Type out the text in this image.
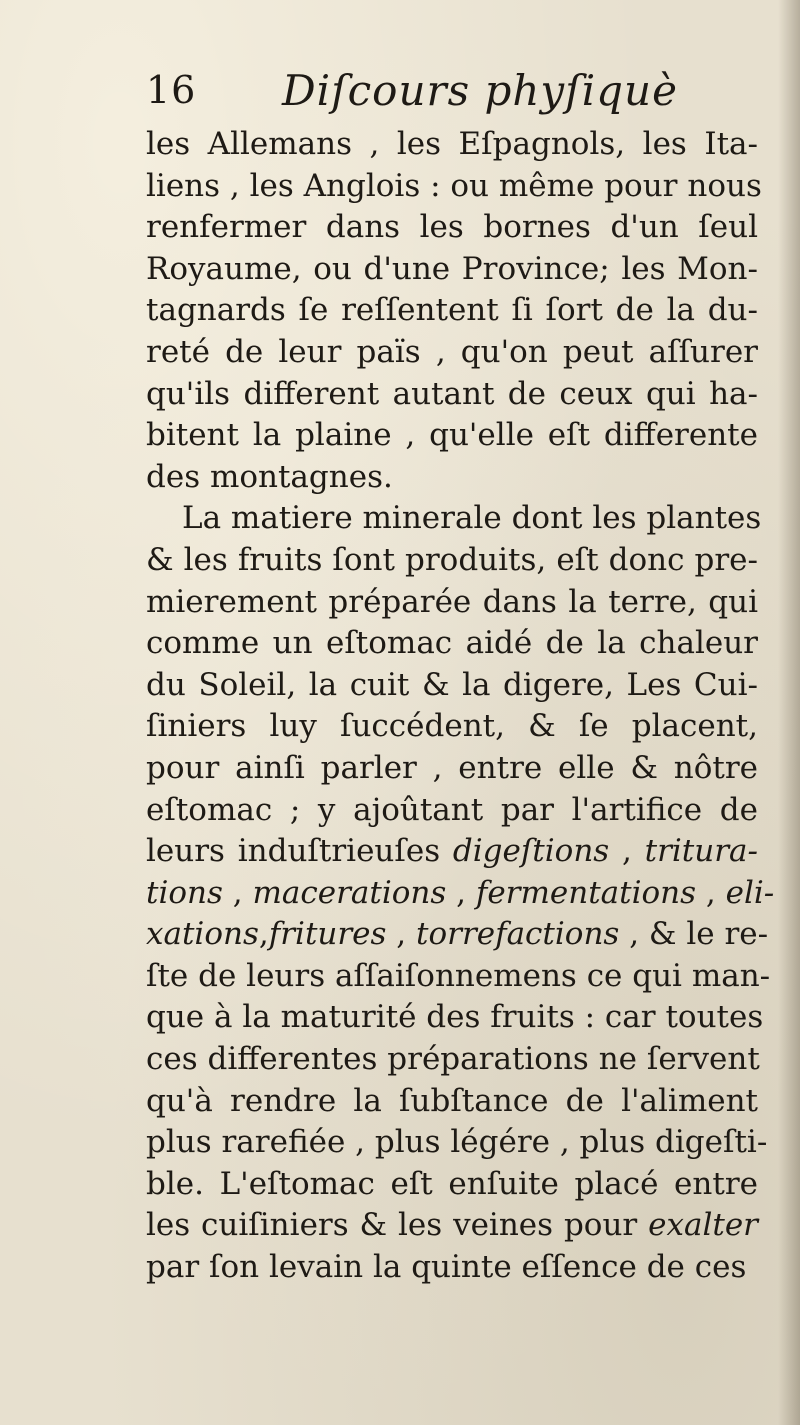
16 Diſcours phyſiquè
les Allemans , les Eſpagnols, les Ita-
liens , les Anglois : ou même pour nous
renfermer dans les bornes d'un ſeul
Royaume, ou d'une Province; les Mon-
tagnards ſe reſſentent ſi ſort de la du-
reté de leur païs , qu'on peut aſſurer
qu'ils different autant de ceux qui ha-
bitent la plaine , qu'elle eſt differente
des montagnes.
La matiere minerale dont les plantes
& les fruits ſont produits, eſt donc pre-
mierement préparée dans la terre, qui
comme un eſtomac aidé de la chaleur
du Soleil, la cuit & la digere, Les Cui-
ſiniers luy ſuccédent, & ſe placent,
pour ainſi parler , entre elle & nôtre
eſtomac ; y ajoûtant par l'artifice de
leurs induſtrieuſes digeſtions , tritura-
tions , macerations , fermentations , eli-
xations,fritures , torrefactions , & le re-
ſte de leurs aſſaiſonnemens ce qui man-
que à la maturité des fruits : car toutes
ces differentes préparations ne ſervent
qu'à rendre la ſubſtance de l'aliment
plus rarefiée , plus légére , plus digeſti-
ble. L'eſtomac eſt enſuite placé entre
les cuiſiniers & les veines pour exalter
par ſon levain la quinte eſſence de ces
